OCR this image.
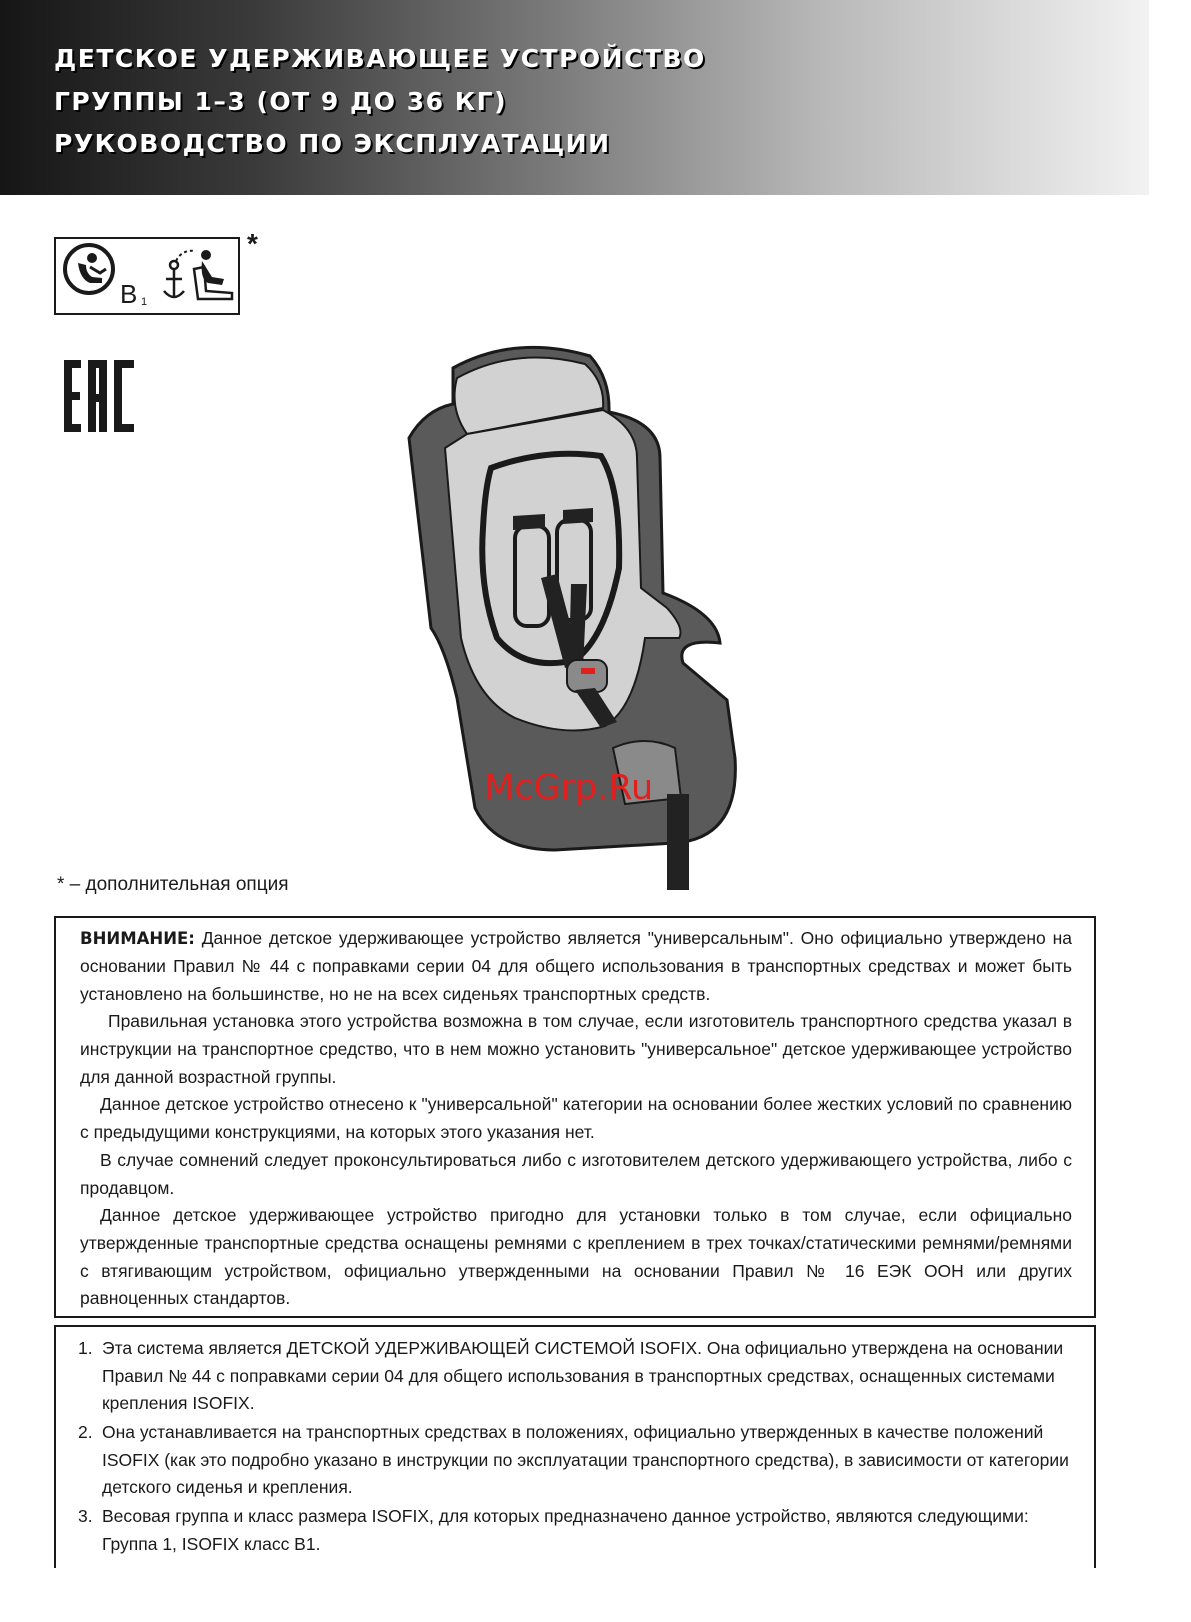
ДЕТСКОЕ УДЕРЖИВАЮЩЕЕ УСТРОЙСТВО
ГРУППЫ 1–3 (ОТ 9 ДО 36 КГ)
РУКОВОДСТВО ПО ЭКСПЛУАТАЦИИ
B 1
*
McGrp.Ru
* – дополнительная опция

ВНИМАНИЕ: Данное детское удерживающее устройство является "универсальным". Оно официально утверждено на основании Правил № 44 с поправками серии 04 для общего использования в транспортных средствах и может быть установлено на большинстве, но не на всех сиденьях транспортных средств.

Правильная установка этого устройства возможна в том случае, если изготовитель транспортного средства указал в инструкции на транспортное средство, что в нем можно установить "универсальное" детское удерживающее устройство для данной возрастной группы.

Данное детское устройство отнесено к "универсальной" категории на основании более жестких условий по сравнению с предыдущими конструкциями, на которых этого указания нет.

В случае сомнений следует проконсультироваться либо с изготовителем детского удерживающего устройства, либо с продавцом.

Данное детское удерживающее устройство пригодно для установки только в том случае, если официально утвержденные транспортные средства оснащены ремнями с креплением в трех точках/статическими ремнями/ремнями с втягивающим устройством, официально утвержденными на основании Правил № 16 ЕЭК ООН или других равноценных стандартов.

1. Эта система является ДЕТСКОЙ УДЕРЖИВАЮЩЕЙ СИСТЕМОЙ ISOFIX. Она официально утверждена на основании Правил № 44 с поправками серии 04 для общего использования в транспортных средствах, оснащенных системами крепления ISOFIX.
2. Она устанавливается на транспортных средствах в положениях, официально утвержденных в качестве положений ISOFIX (как это подробно указано в инструкции по эксплуатации транспортного средства), в зависимости от категории детского сиденья и крепления.
3. Весовая группа и класс размера ISOFIX, для которых предназначено данное устройство, являются следующими: Группа 1, ISOFIX класс B1.
